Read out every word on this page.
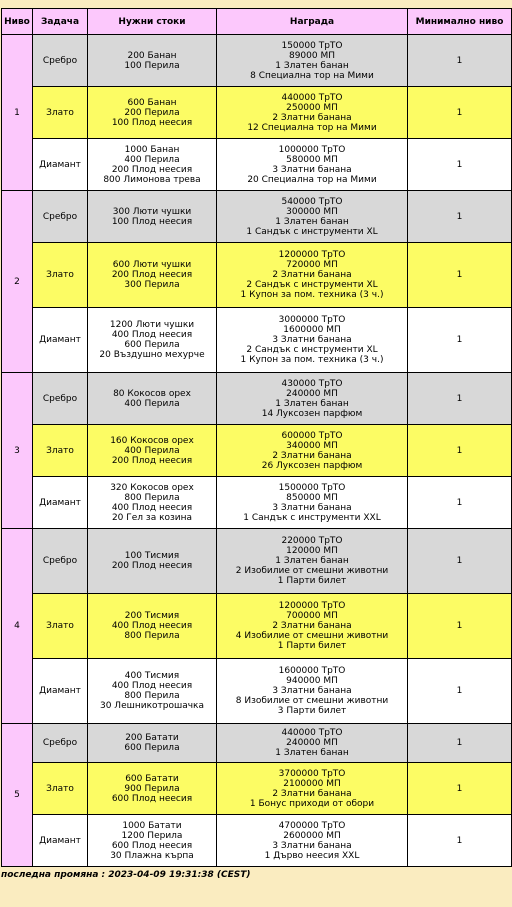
Ниво	Задача	Нужни стоки	Награда	Минимално ниво
1	Сребро	200 Банан
100 Перила	150000 ТрТО
89000 МП
1 Златен банан
8 Специална тор на Мими	1
	Злато	600 Банан
200 Перила
100 Плод неесия	440000 ТрТО
250000 МП
2 Златни банана
12 Специална тор на Мими	1
	Диамант	1000 Банан
400 Перила
200 Плод неесия
800 Лимонова трева	1000000 ТрТО
580000 МП
3 Златни банана
20 Специална тор на Мими	1
2	Сребро	300 Люти чушки
100 Плод неесия	540000 ТрТО
300000 МП
1 Златен банан
1 Сандък с инструменти XL	1
	Злато	600 Люти чушки
200 Плод неесия
300 Перила	1200000 ТрТО
720000 МП
2 Златни банана
2 Сандък с инструменти XL
1 Купон за пом. техника (3 ч.)	1
	Диамант	1200 Люти чушки
400 Плод неесия
600 Перила
20 Въздушно мехурче	3000000 ТрТО
1600000 МП
3 Златни банана
2 Сандък с инструменти XL
1 Купон за пом. техника (3 ч.)	1
3	Сребро	80 Кокосов орех
400 Перила	430000 ТрТО
240000 МП
1 Златен банан
14 Луксозен парфюм	1
	Злато	160 Кокосов орех
400 Перила
200 Плод неесия	600000 ТрТО
340000 МП
2 Златни банана
26 Луксозен парфюм	1
	Диамант	320 Кокосов орех
800 Перила
400 Плод неесия
20 Гел за козина	1500000 ТрТО
850000 МП
3 Златни банана
1 Сандък с инструменти XXL	1
4	Сребро	100 Тисмия
200 Плод неесия	220000 ТрТО
120000 МП
1 Златен банан
2 Изобилие от смешни животни
1 Парти билет	1
	Злато	200 Тисмия
400 Плод неесия
800 Перила	1200000 ТрТО
700000 МП
2 Златни банана
4 Изобилие от смешни животни
1 Парти билет	1
	Диамант	400 Тисмия
400 Плод неесия
800 Перила
30 Лешникотрошачка	1600000 ТрТО
940000 МП
3 Златни банана
8 Изобилие от смешни животни
3 Парти билет	1
5	Сребро	200 Батати
600 Перила	440000 ТрТО
240000 МП
1 Златен банан	1
	Злато	600 Батати
900 Перила
600 Плод неесия	3700000 ТрТО
2100000 МП
2 Златни банана
1 Бонус приходи от обори	1
	Диамант	1000 Батати
1200 Перила
600 Плод неесия
30 Плажна кърпа	4700000 ТрТО
2600000 МП
3 Златни банана
1 Дърво неесия XXL	1
последна промяна : 2023-04-09 19:31:38 (CEST)
